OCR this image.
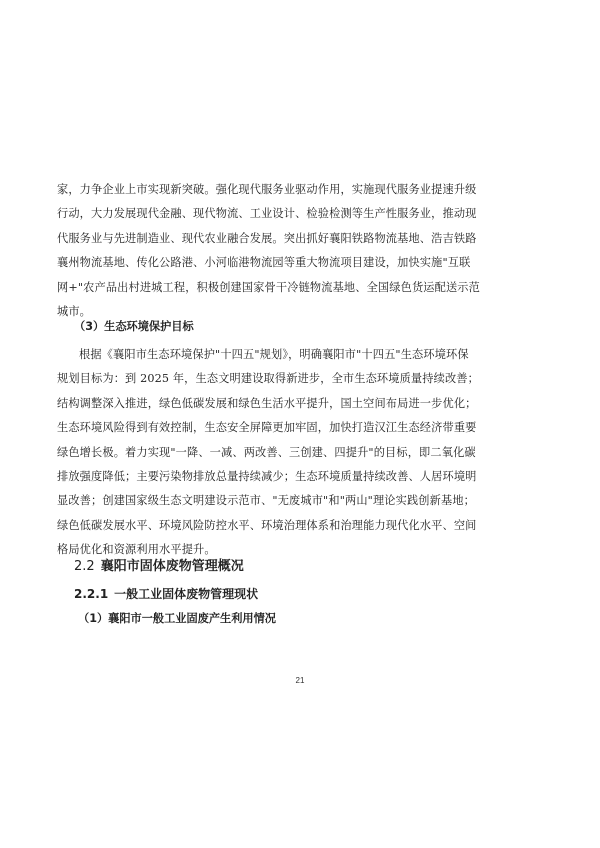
家，力争企业上市实现新突破。强化现代服务业驱动作用，实施现代服务业提速升级
行动，大力发展现代金融、现代物流、工业设计、检验检测等生产性服务业，推动现
代服务业与先进制造业、现代农业融合发展。突出抓好襄阳铁路物流基地、浩吉铁路
襄州物流基地、传化公路港、小河临港物流园等重大物流项目建设，加快实施"互联
网+"农产品出村进城工程，积极创建国家骨干冷链物流基地、全国绿色货运配送示范
城市。
（3）生态环境保护目标
根据《襄阳市生态环境保护"十四五"规划》，明确襄阳市"十四五"生态环境环保
规划目标为：到 2025 年，生态文明建设取得新进步，全市生态环境质量持续改善；
结构调整深入推进，绿色低碳发展和绿色生活水平提升，国土空间布局进一步优化；
生态环境风险得到有效控制，生态安全屏障更加牢固，加快打造汉江生态经济带重要
绿色增长极。着力实现"一降、一减、两改善、三创建、四提升"的目标，即二氧化碳
排放强度降低；主要污染物排放总量持续减少；生态环境质量持续改善、人居环境明
显改善；创建国家级生态文明建设示范市、"无废城市"和"两山"理论实践创新基地；
绿色低碳发展水平、环境风险防控水平、环境治理体系和治理能力现代化水平、空间
格局优化和资源利用水平提升。
2.2 襄阳市固体废物管理概况
2.2.1 一般工业固体废物管理现状
（1）襄阳市一般工业固废产生利用情况
21
